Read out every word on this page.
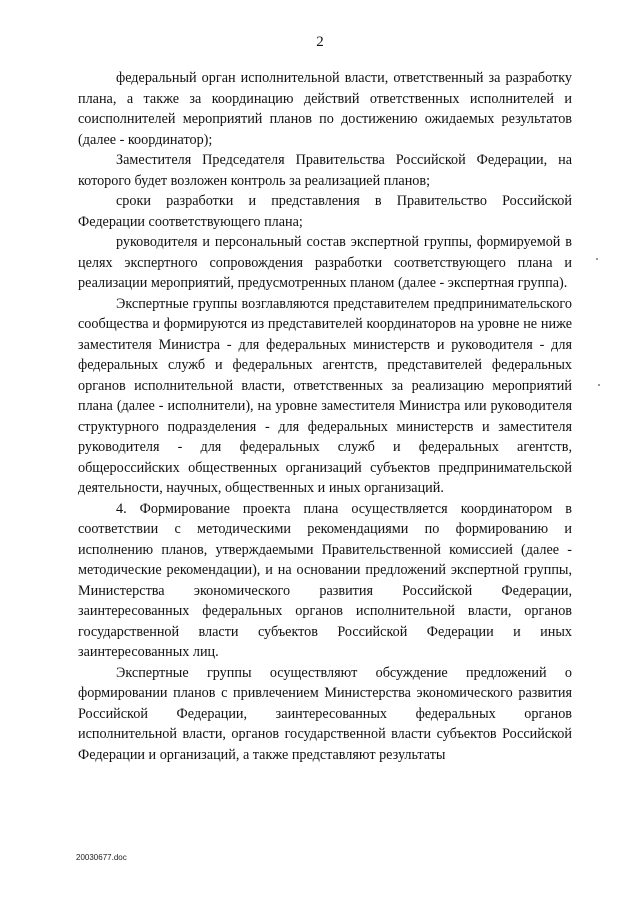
2

федеральный орган исполнительной власти, ответственный за разработку плана, а также за координацию действий ответственных исполнителей и соисполнителей мероприятий планов по достижению ожидаемых результатов (далее - координатор);

Заместителя Председателя Правительства Российской Федерации, на которого будет возложен контроль за реализацией планов;

сроки разработки и представления в Правительство Российской Федерации соответствующего плана;

руководителя и персональный состав экспертной группы, формируемой в целях экспертного сопровождения разработки соответствующего плана и реализации мероприятий, предусмотренных планом (далее - экспертная группа).

Экспертные группы возглавляются представителем предпринимательского сообщества и формируются из представителей координаторов на уровне не ниже заместителя Министра - для федеральных министерств и руководителя - для федеральных служб и федеральных агентств, представителей федеральных органов исполнительной власти, ответственных за реализацию мероприятий плана (далее - исполнители), на уровне заместителя Министра или руководителя структурного подразделения - для федеральных министерств и заместителя руководителя - для федеральных служб и федеральных агентств, общероссийских общественных организаций субъектов предпринимательской деятельности, научных, общественных и иных организаций.

4. Формирование проекта плана осуществляется координатором в соответствии с методическими рекомендациями по формированию и исполнению планов, утверждаемыми Правительственной комиссией (далее - методические рекомендации), и на основании предложений экспертной группы, Министерства экономического развития Российской Федерации, заинтересованных федеральных органов исполнительной власти, органов государственной власти субъектов Российской Федерации и иных заинтересованных лиц.

Экспертные группы осуществляют обсуждение предложений о формировании планов с привлечением Министерства экономического развития Российской Федерации, заинтересованных федеральных органов исполнительной власти, органов государственной власти субъектов Российской Федерации и организаций, а также представляют результаты

20030677.doc
